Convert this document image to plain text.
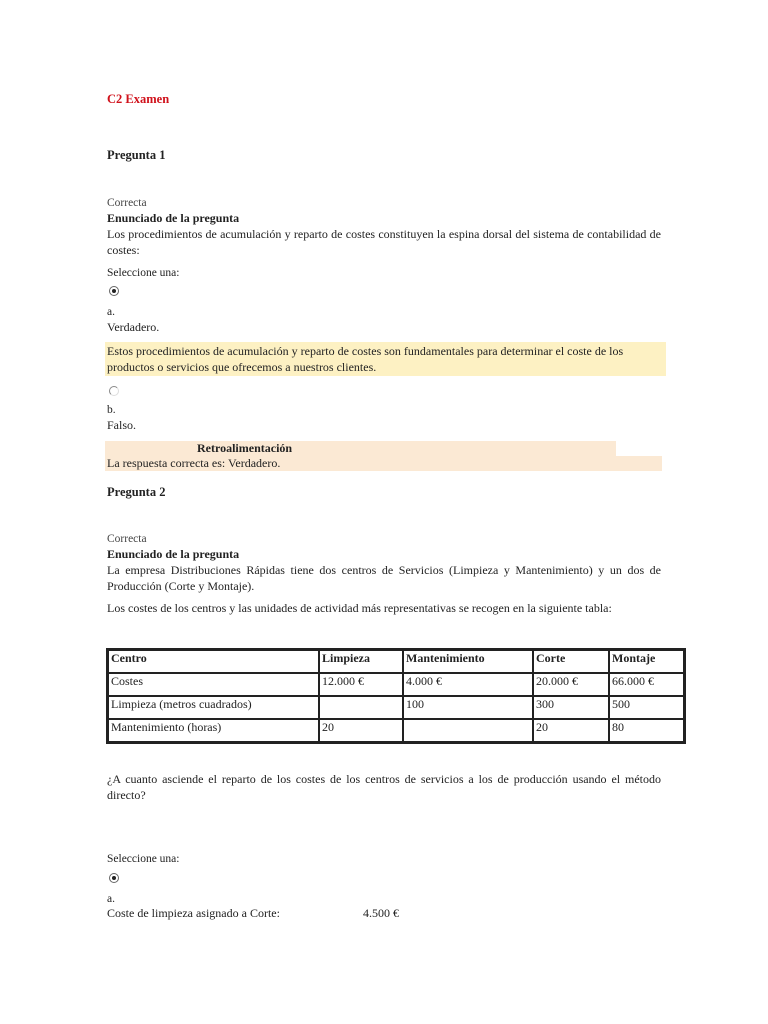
C2 Examen
Pregunta 1
Correcta
Enunciado de la pregunta
Los procedimientos de acumulación y reparto de costes constituyen la espina dorsal del sistema de contabilidad de costes:
Seleccione una:
a.
Verdadero.
Estos procedimientos de acumulación y reparto de costes son fundamentales para determinar el coste de los productos o servicios que ofrecemos a nuestros clientes.
b.
Falso.
Retroalimentación
La respuesta correcta es: Verdadero.
Pregunta 2
Correcta
Enunciado de la pregunta
La empresa Distribuciones Rápidas tiene dos centros de Servicios (Limpieza y Mantenimiento) y un dos de Producción (Corte y Montaje).
Los costes de los centros y las unidades de actividad más representativas se recogen en la siguiente tabla:
Centro	Limpieza	Mantenimiento	Corte	Montaje
Costes	12.000 €	4.000 €	20.000 €	66.000 €
Limpieza (metros cuadrados)		100	300	500
Mantenimiento (horas)	20		20	80
¿A cuanto asciende el reparto de los costes de los centros de servicios a los de producción usando el método directo?
Seleccione una:
a.
Coste de limpieza asignado a Corte:	4.500 €
